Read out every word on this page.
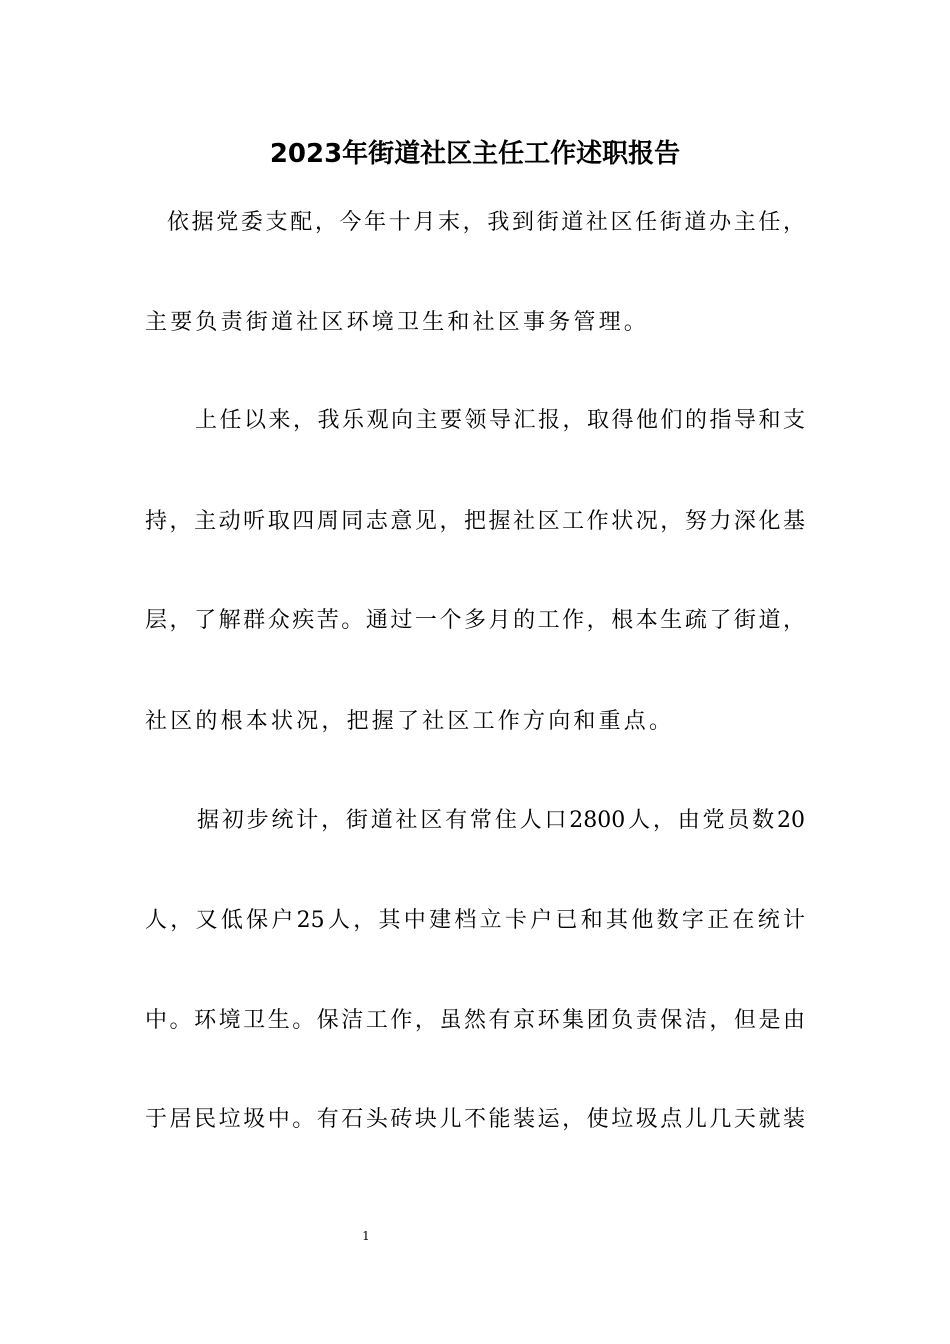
2023年街道社区主任工作述职报告
依据党委支配，今年十月末，我到街道社区任街道办主任，
主要负责街道社区环境卫生和社区事务管理。
上任以来，我乐观向主要领导汇报，取得他们的指导和支
持，主动听取四周同志意见，把握社区工作状况，努力深化基
层，了解群众疾苦。通过一个多月的工作，根本生疏了街道，
社区的根本状况，把握了社区工作方向和重点。
据初步统计，街道社区有常住人口2800人，由党员数20
人，又低保户25人，其中建档立卡户已和其他数字正在统计
中。环境卫生。保洁工作，虽然有京环集团负责保洁，但是由
于居民垃圾中。有石头砖块儿不能装运，使垃圾点儿几天就装
1
